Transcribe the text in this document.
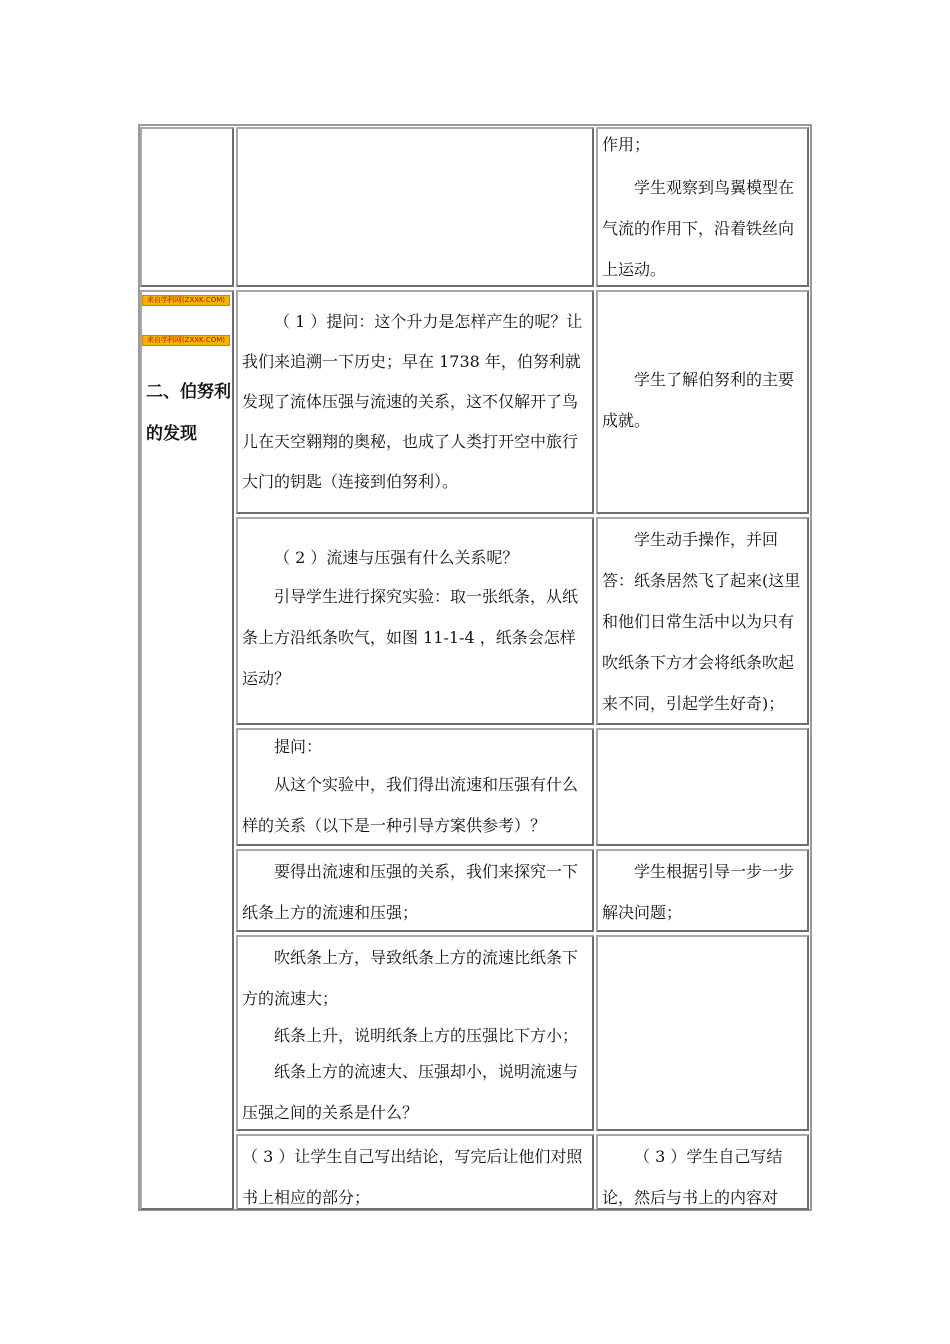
来自学科网(ZXXK.COM)
来自学科网(ZXXK.COM)
二、伯努利
的发现

作用；

学生观察到鸟翼模型在气流的作用下，沿着铁丝向上运动。

（ 1 ）提问：这个升力是怎样产生的呢？让我们来追溯一下历史；早在 1738 年，伯努利就发现了流体压强与流速的关系，这不仅解开了鸟儿在天空翱翔的奥秘，也成了人类打开空中旅行大门的钥匙（连接到伯努利）。

学生了解伯努利的主要成就。

（ 2 ）流速与压强有什么关系呢？

引导学生进行探究实验：取一张纸条，从纸条上方沿纸条吹气，如图 11-1-4 ，纸条会怎样运动？

学生动手操作，并回答：纸条居然飞了起来(这里和他们日常生活中以为只有吹纸条下方才会将纸条吹起来不同，引起学生好奇)；

提问：

从这个实验中，我们得出流速和压强有什么样的关系（以下是一种引导方案供参考）？

要得出流速和压强的关系，我们来探究一下纸条上方的流速和压强；

学生根据引导一步一步解决问题；

吹纸条上方，导致纸条上方的流速比纸条下方的流速大；

纸条上升，说明纸条上方的压强比下方小；

纸条上方的流速大、压强却小，说明流速与压强之间的关系是什么？

（ 3 ）让学生自己写出结论，写完后让他们对照书上相应的部分；

（ 3 ）学生自己写结论，然后与书上的内容对
